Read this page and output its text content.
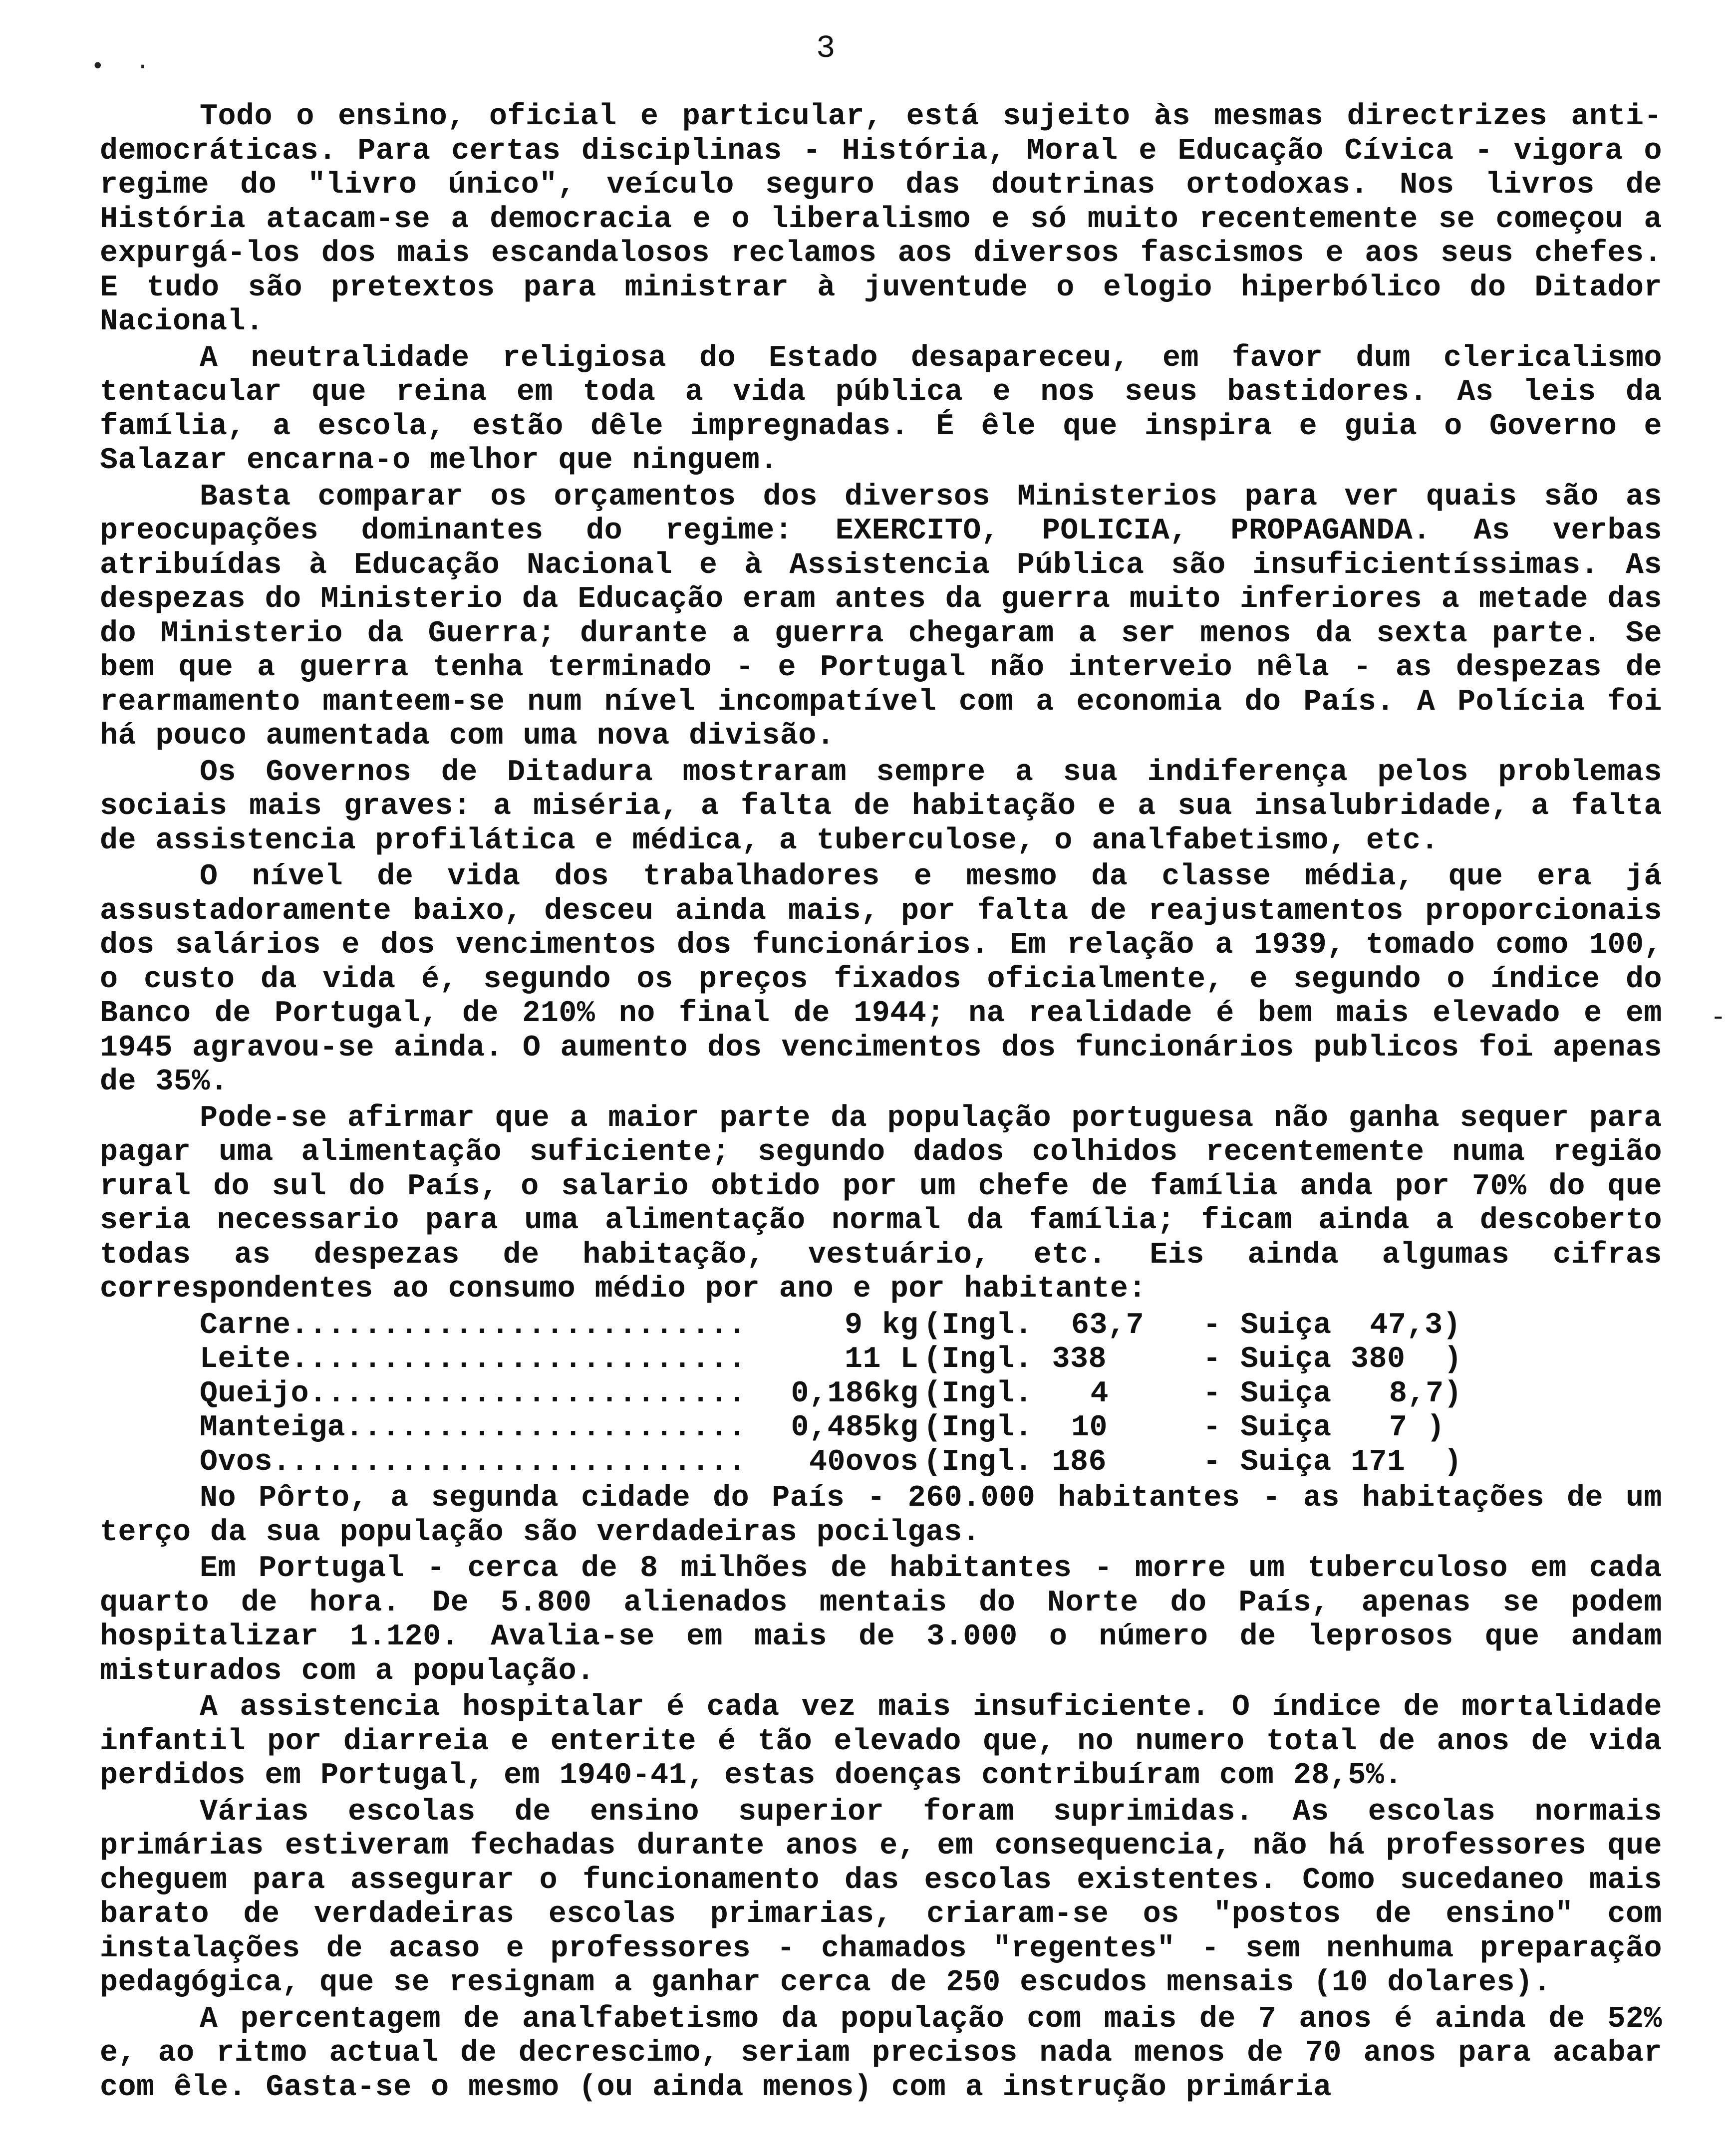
• ·	3
-

Todo o ensino, oficial e particular, está sujeito às mesmas directrizes anti-democráticas. Para certas disciplinas - História, Moral e Educação Cívica - vigora o regime do "livro único", veículo seguro das doutrinas ortodoxas. Nos livros de História atacam-se a democracia e o liberalismo e só muito recentemente se começou a expurgá-los dos mais escandalosos reclamos aos diversos fascismos e aos seus chefes. E tudo são pretextos para ministrar à juventude o elogio hiperbólico do Ditador Nacional.

A neutralidade religiosa do Estado desapareceu, em favor dum clericalismo tentacular que reina em toda a vida pública e nos seus bastidores. As leis da família, a escola, estão dêle impregnadas. É êle que inspira e guia o Governo e Salazar encarna-o melhor que ninguem.

Basta comparar os orçamentos dos diversos Ministerios para ver quais são as preocupações dominantes do regime: EXERCITO, POLICIA, PROPAGANDA. As verbas atribuídas à Educação Nacional e à Assistencia Pública são insuficientíssimas. As despezas do Ministerio da Educação eram antes da guerra muito inferiores a metade das do Ministerio da Guerra; durante a guerra chegaram a ser menos da sexta parte. Se bem que a guerra tenha terminado - e Portugal não interveio nêla - as despezas de rearmamento manteem-se num nível incompatível com a economia do País. A Polícia foi há pouco aumentada com uma nova divisão.

Os Governos de Ditadura mostraram sempre a sua indiferença pelos problemas sociais mais graves: a miséria, a falta de habitação e a sua insalubridade, a falta de assistencia profilática e médica, a tuberculose, o analfabetismo, etc.

O nível de vida dos trabalhadores e mesmo da classe média, que era já assustadoramente baixo, desceu ainda mais, por falta de reajustamentos proporcionais dos salários e dos vencimentos dos funcionários. Em relação a 1939, tomado como 100, o custo da vida é, segundo os preços fixados oficialmente, e segundo o índice do Banco de Portugal, de 210% no final de 1944; na realidade é bem mais elevado e em 1945 agravou-se ainda. O aumento dos vencimentos dos funcionários publicos foi apenas de 35%.

Pode-se afirmar que a maior parte da população portuguesa não ganha sequer para pagar uma alimentação suficiente; segundo dados colhidos recentemente numa região rural do sul do País, o salario obtido por um chefe de família anda por 70% do que seria necessario para uma alimentação normal da família; ficam ainda a descoberto todas as despezas de habitação, vestuário, etc. Eis ainda algumas cifras correspondentes ao consumo médio por ano e por habitante:

Carne.........................	9 kg (Ingl.  63,7	- Suiça  47,3)
Leite.........................	11 L (Ingl. 338	- Suiça 380  )
Queijo........................	0,186kg (Ingl.   4	- Suiça   8,7)
Manteiga......................	0,485kg (Ingl.  10	- Suiça   7 )
Ovos..........................	40ovos (Ingl. 186	- Suiça 171  )

No Pôrto, a segunda cidade do País - 260.000 habitantes - as habitações de um terço da sua população são verdadeiras pocilgas.

Em Portugal - cerca de 8 milhões de habitantes - morre um tuberculoso em cada quarto de hora. De 5.800 alienados mentais do Norte do País, apenas se podem hospitalizar 1.120. Avalia-se em mais de 3.000 o número de leprosos que andam misturados com a população.

A assistencia hospitalar é cada vez mais insuficiente. O índice de mortalidade infantil por diarreia e enterite é tão elevado que, no numero total de anos de vida perdidos em Portugal, em 1940-41, estas doenças contribuíram com 28,5%.

Várias escolas de ensino superior foram suprimidas. As escolas normais primárias estiveram fechadas durante anos e, em consequencia, não há professores que cheguem para assegurar o funcionamento das escolas existentes. Como sucedaneo mais barato de verdadeiras escolas primarias, criaram-se os "postos de ensino" com instalações de acaso e professores - chamados "regentes" - sem nenhuma preparação pedagógica, que se resignam a ganhar cerca de 250 escudos mensais (10 dolares).

A percentagem de analfabetismo da população com mais de 7 anos é ainda de 52% e, ao ritmo actual de decrescimo, seriam precisos nada menos de 70 anos para acabar com êle. Gasta-se o mesmo (ou ainda menos) com a instrução primária
